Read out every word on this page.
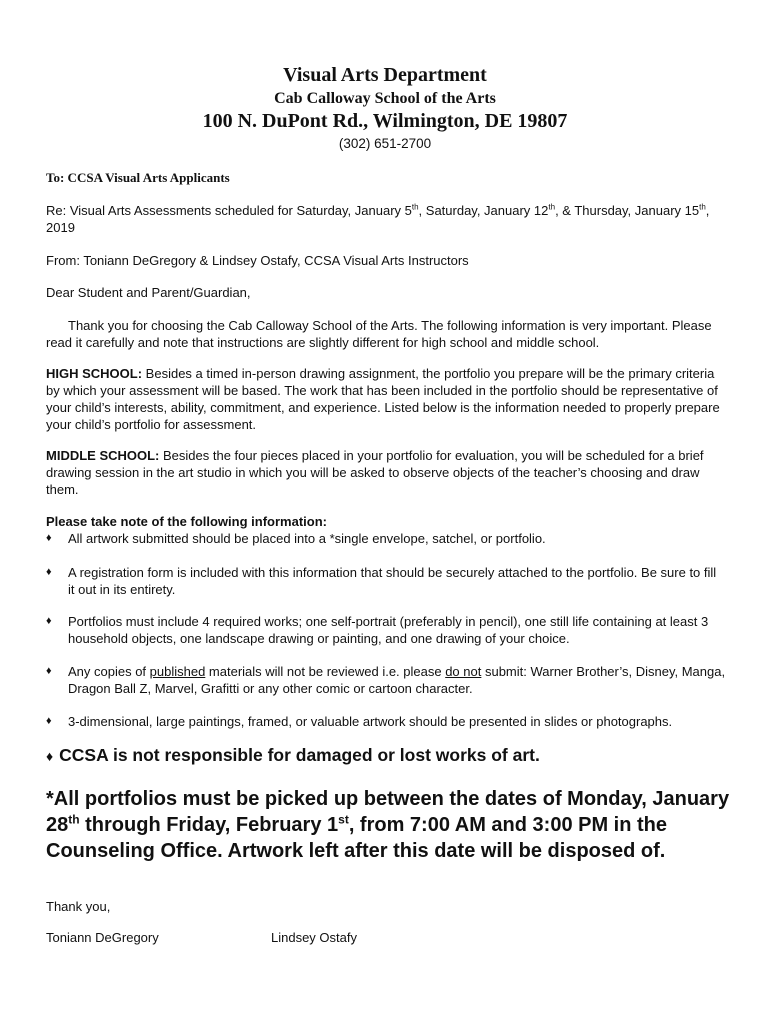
Visual Arts Department
Cab Calloway School of the Arts
100 N. DuPont Rd., Wilmington, DE 19807
(302) 651-2700
To: CCSA Visual Arts Applicants
Re: Visual Arts Assessments scheduled for Saturday, January 5th, Saturday, January 12th, & Thursday, January 15th, 2019
From: Toniann DeGregory & Lindsey Ostafy, CCSA Visual Arts Instructors
Dear Student and Parent/Guardian,
Thank you for choosing the Cab Calloway School of the Arts. The following information is very important. Please read it carefully and note that instructions are slightly different for high school and middle school.
HIGH SCHOOL: Besides a timed in-person drawing assignment, the portfolio you prepare will be the primary criteria by which your assessment will be based. The work that has been included in the portfolio should be representative of your child’s interests, ability, commitment, and experience. Listed below is the information needed to properly prepare your child’s portfolio for assessment.
MIDDLE SCHOOL: Besides the four pieces placed in your portfolio for evaluation, you will be scheduled for a brief drawing session in the art studio in which you will be asked to observe objects of the teacher’s choosing and draw them.
Please take note of the following information:
♦ All artwork submitted should be placed into a *single envelope, satchel, or portfolio.
♦ A registration form is included with this information that should be securely attached to the portfolio. Be sure to fill it out in its entirety.
♦ Portfolios must include 4 required works; one self-portrait (preferably in pencil), one still life containing at least 3 household objects, one landscape drawing or painting, and one drawing of your choice.
♦ Any copies of published materials will not be reviewed i.e. please do not submit: Warner Brother’s, Disney, Manga, Dragon Ball Z, Marvel, Grafitti or any other comic or cartoon character.
♦ 3-dimensional, large paintings, framed, or valuable artwork should be presented in slides or photographs.
♦ CCSA is not responsible for damaged or lost works of art.
*All portfolios must be picked up between the dates of Monday, January 28th through Friday, February 1st, from 7:00 AM and 3:00 PM in the Counseling Office. Artwork left after this date will be disposed of.
Thank you,
Toniann DeGregory	Lindsey Ostafy
